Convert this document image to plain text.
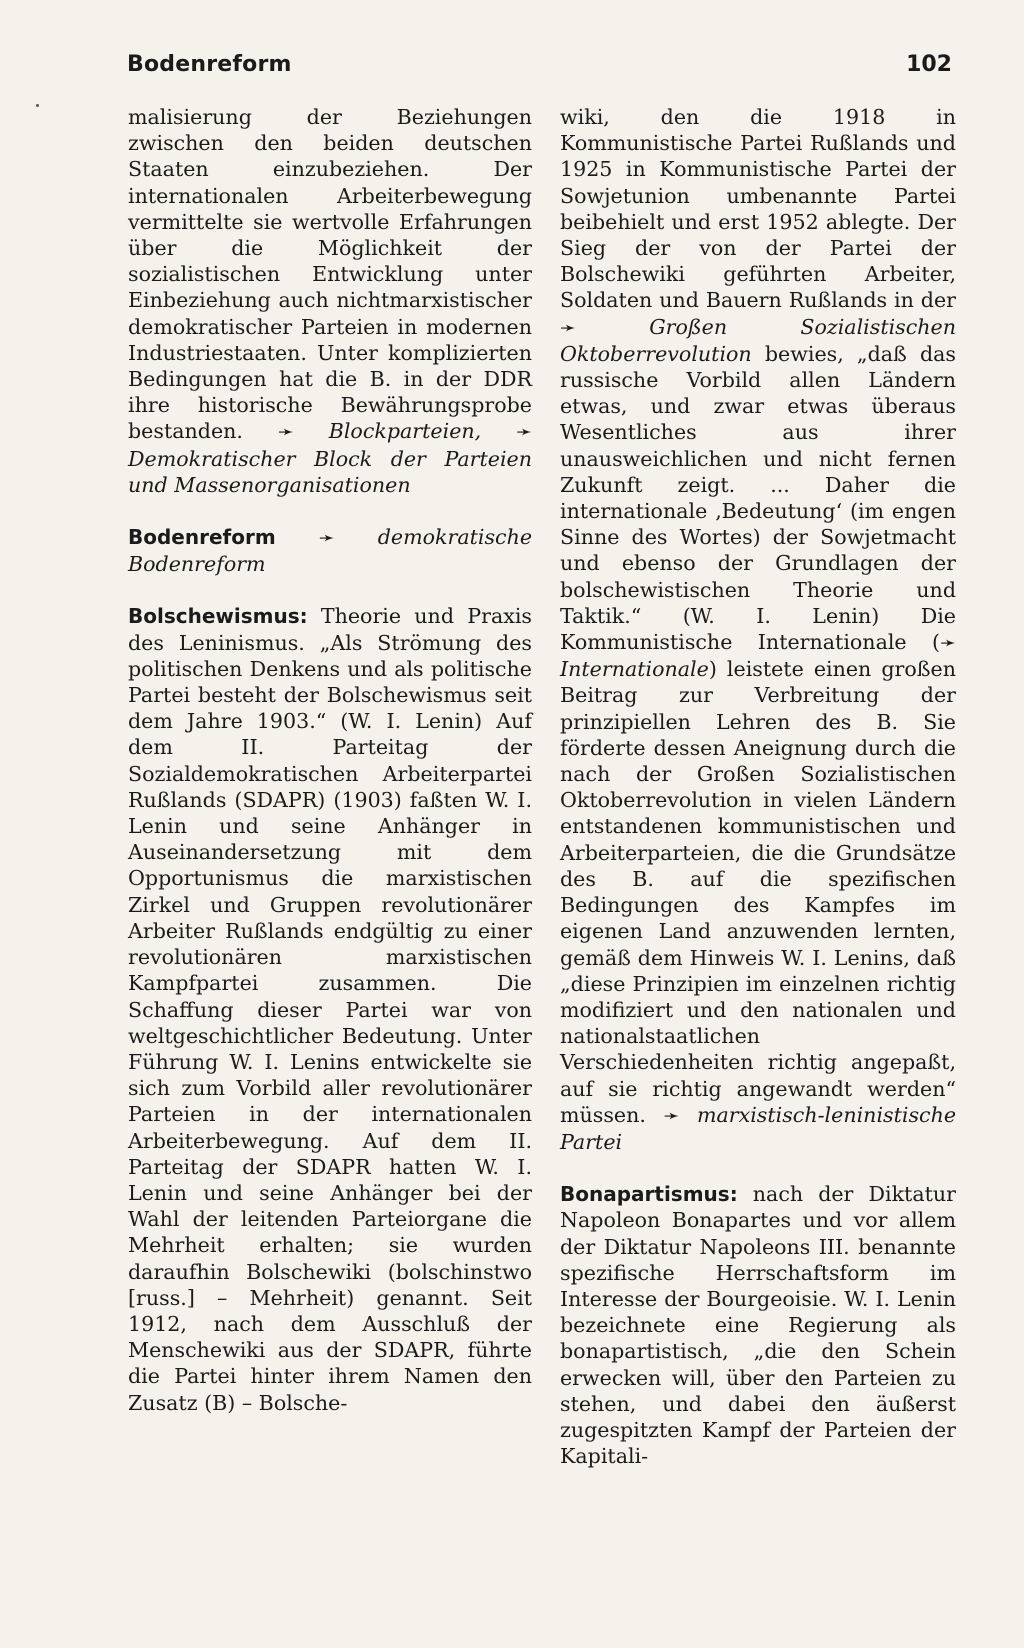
Bodenreform	102

malisierung der Beziehungen zwischen den beiden deutschen Staaten einzubeziehen. Der internationalen Arbeiterbewegung vermittelte sie wertvolle Erfahrungen über die Möglichkeit der sozialistischen Entwicklung unter Einbeziehung auch nichtmarxistischer demokratischer Parteien in modernen Industriestaaten. Unter komplizierten Bedingungen hat die B. in der DDR ihre historische Bewährungsprobe bestanden. ➛ Blockparteien, ➛ Demokratischer Block der Parteien und Massenorganisationen

Bodenreform ➛ demokratische Bodenreform

Bolschewismus: Theorie und Praxis des Leninismus. „Als Strömung des politischen Denkens und als politische Partei besteht der Bolschewismus seit dem Jahre 1903.“ (W. I. Lenin) Auf dem II. Parteitag der Sozialdemokratischen Arbeiterpartei Rußlands (SDAPR) (1903) faßten W. I. Lenin und seine Anhänger in Auseinandersetzung mit dem Opportunismus die marxistischen Zirkel und Gruppen revolutionärer Arbeiter Rußlands endgültig zu einer revolutionären marxistischen Kampfpartei zusammen. Die Schaffung dieser Partei war von weltgeschichtlicher Bedeutung. Unter Führung W. I. Lenins entwickelte sie sich zum Vorbild aller revolutionärer Parteien in der internationalen Arbeiterbewegung. Auf dem II. Parteitag der SDAPR hatten W. I. Lenin und seine Anhänger bei der Wahl der leitenden Parteiorgane die Mehrheit erhalten; sie wurden daraufhin Bolschewiki (bolschinstwo [russ.] – Mehrheit) genannt. Seit 1912, nach dem Ausschluß der Menschewiki aus der SDAPR, führte die Partei hinter ihrem Namen den Zusatz (B) – Bolsche-

wiki, den die 1918 in Kommunistische Partei Rußlands und 1925 in Kommunistische Partei der Sowjetunion umbenannte Partei beibehielt und erst 1952 ablegte. Der Sieg der von der Partei der Bolschewiki geführten Arbeiter, Soldaten und Bauern Rußlands in der ➛	Großen Sozialistischen Oktoberrevolution bewies, „daß das russische Vorbild allen Ländern etwas, und zwar etwas überaus Wesentliches aus ihrer unausweichlichen und nicht fernen Zukunft zeigt. ... Daher die internationale ‚Bedeutung‘ (im engen Sinne des Wortes) der Sowjetmacht und ebenso der Grundlagen der bolschewistischen Theorie und Taktik.“ (W. I. Lenin) Die Kommunistische Internationale (➛ Internationale) leistete einen großen Beitrag zur Verbreitung der prinzipiellen Lehren des B. Sie förderte dessen Aneignung durch die nach der Großen Sozialistischen Oktoberrevolution in vielen Ländern entstandenen kommunistischen und Arbeiterparteien, die die Grundsätze des B. auf die spezifischen Bedingungen des Kampfes im eigenen Land anzuwenden lernten, gemäß dem Hinweis W. I. Lenins, daß „diese Prinzipien im einzelnen richtig modifiziert und den nationalen und nationalstaatlichen Verschiedenheiten richtig angepaßt, auf sie richtig angewandt werden“ müssen. ➛ marxistisch-leninistische Partei

Bonapartismus: nach der Diktatur Napoleon Bonapartes und vor allem der Diktatur Napoleons III. benannte spezifische Herrschaftsform im Interesse der Bourgeoisie. W. I. Lenin bezeichnete eine Regierung als bonapartistisch, „die den Schein erwecken will, über den Parteien zu stehen, und dabei den äußerst zugespitzten Kampf der Parteien der Kapitali-
